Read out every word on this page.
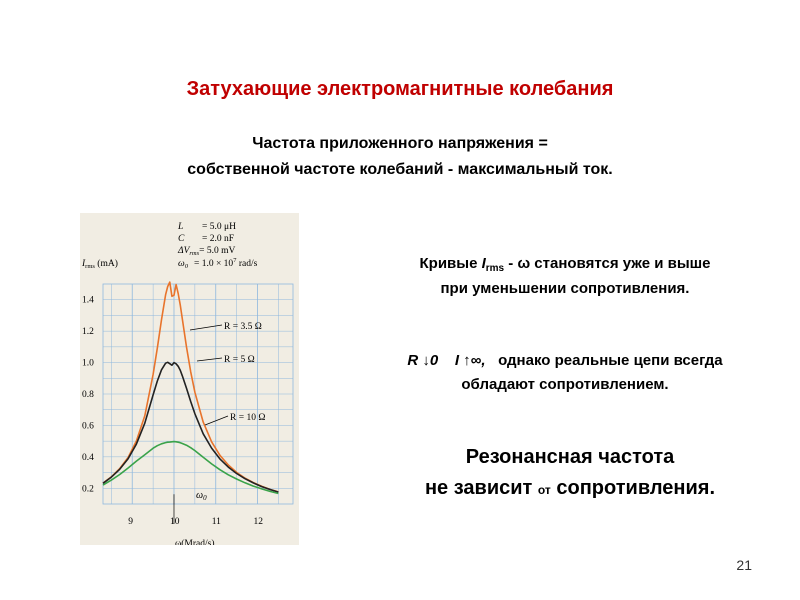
Затухающие электромагнитные колебания
Частота приложенного напряжения =
собственной частоте колебаний - максимальный ток.
0.2
0.4
0.6
0.8
1.0
1.2
1.4
9	10	11	12
L = 5.0 μH
C = 2.0 nF
$\Delta V_{rms}= 5.0$ mV
$\omega_0 = 1.0 \times 10^7$ rad/s
$I_{rms}$ (mA)
R = 3.5 Ω
R = 5 Ω
R = 10 Ω
$\omega_0$
ω(Mrad/s)
Кривые $I_{rms}$ - ω становятся уже и выше
при уменьшении сопротивления.
R ↓0 I ↑∞, однако реальные цепи всегда
обладают сопротивлением.
Резонансная частота
не зависит от сопротивления.
21
